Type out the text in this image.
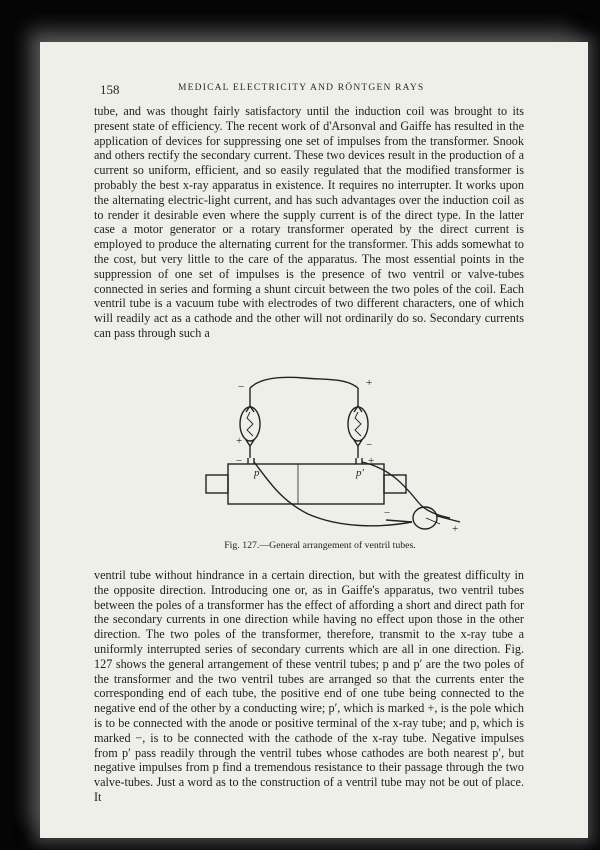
158	MEDICAL ELECTRICITY AND RÖNTGEN RAYS
tube, and was thought fairly satisfactory until the induction coil was brought to its present state of efficiency. The recent work of d'Arsonval and Gaiffe has resulted in the application of devices for suppressing one set of impulses from the transformer. Snook and others rectify the secondary current. These two devices result in the production of a current so uniform, efficient, and so easily regulated that the modified transformer is probably the best x-ray apparatus in existence. It requires no interrupter. It works upon the alternating electric-light current, and has such advantages over the induction coil as to render it desirable even where the supply current is of the direct type. In the latter case a motor generator or a rotary transformer operated by the direct current is employed to produce the alternating current for the transformer. This adds somewhat to the cost, but very little to the care of the apparatus. The most essential points in the suppression of one set of impulses is the presence of two ventril or valve-tubes connected in series and forming a shunt circuit between the two poles of the coil. Each ventril tube is a vacuum tube with electrodes of two different characters, one of which will readily act as a cathode and the other will not ordinarily do so. Secondary currents can pass through such a
−
+
−
+
−
+
p	p′
−
+
Fig. 127.—General arrangement of ventril tubes.
ventril tube without hindrance in a certain direction, but with the greatest difficulty in the opposite direction. Introducing one or, as in Gaiffe's apparatus, two ventril tubes between the poles of a transformer has the effect of affording a short and direct path for the secondary currents in one direction while having no effect upon those in the other direction. The two poles of the transformer, therefore, transmit to the x-ray tube a uniformly interrupted series of secondary currents which are all in one direction. Fig. 127 shows the general arrangement of these ventril tubes; p and p′ are the two poles of the transformer and the two ventril tubes are arranged so that the currents enter the corresponding end of each tube, the positive end of one tube being connected to the negative end of the other by a conducting wire; p′, which is marked +, is the pole which is to be connected with the anode or positive terminal of the x-ray tube; and p, which is marked −, is to be connected with the cathode of the x-ray tube. Negative impulses from p′ pass readily through the ventril tubes whose cathodes are both nearest p′, but negative impulses from p find a tremendous resistance to their passage through the two valve-tubes. Just a word as to the construction of a ventril tube may not be out of place. It
